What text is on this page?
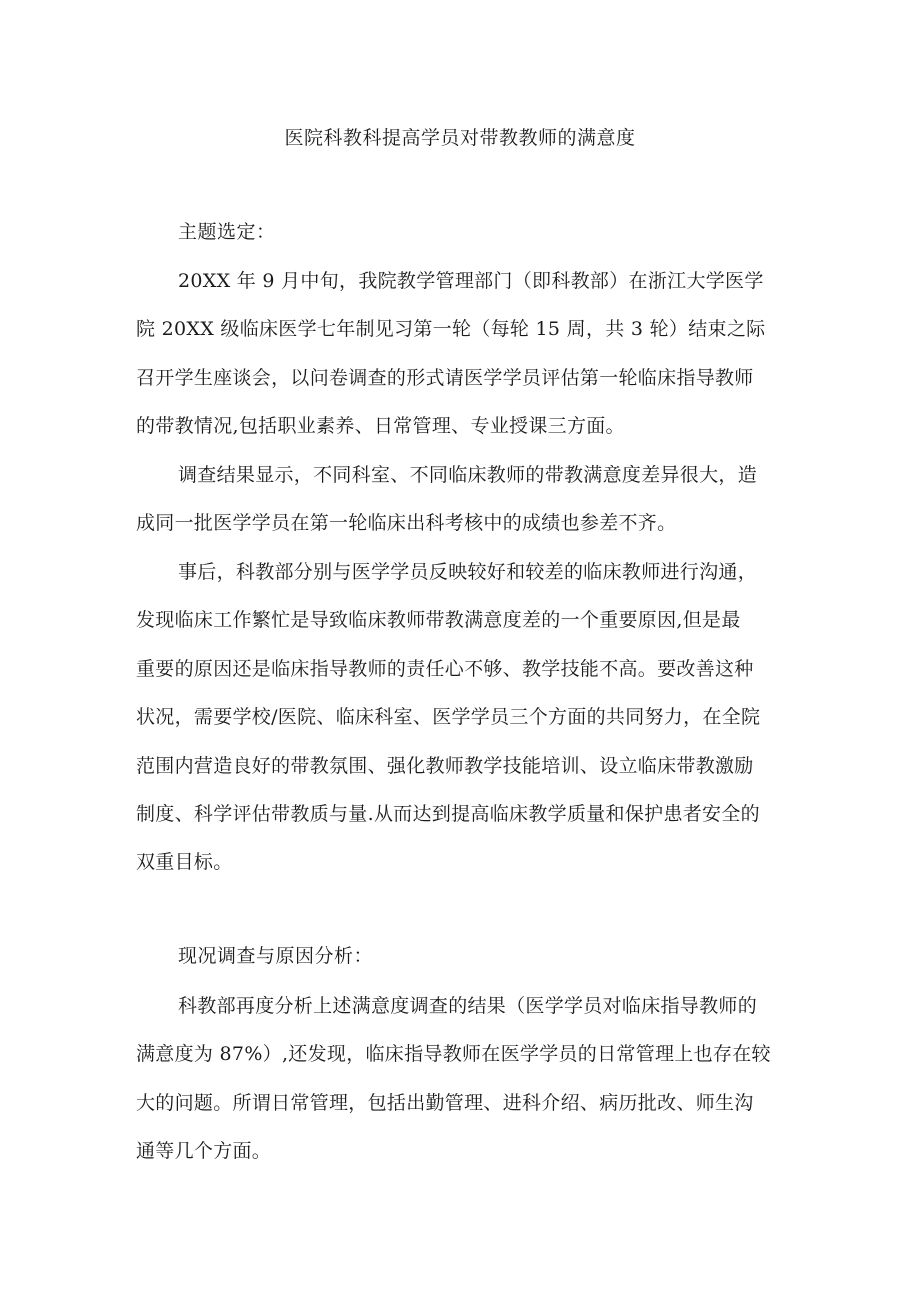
医院科教科提高学员对带教教师的满意度
主题选定：
20XX 年 9 月中旬，我院教学管理部门（即科教部）在浙江大学医学
院 20XX 级临床医学七年制见习第一轮（每轮 15 周，共 3 轮）结束之际
召开学生座谈会，以问卷调查的形式请医学学员评估第一轮临床指导教师
的带教情况,包括职业素养、日常管理、专业授课三方面。
调查结果显示，不同科室、不同临床教师的带教满意度差异很大，造
成同一批医学学员在第一轮临床出科考核中的成绩也参差不齐。
事后，科教部分别与医学学员反映较好和较差的临床教师进行沟通，
发现临床工作繁忙是导致临床教师带教满意度差的一个重要原因,但是最
重要的原因还是临床指导教师的责任心不够、教学技能不高。要改善这种
状况，需要学校/医院、临床科室、医学学员三个方面的共同努力，在全院
范围内营造良好的带教氛围、强化教师教学技能培训、设立临床带教激励
制度、科学评估带教质与量.从而达到提高临床教学质量和保护患者安全的
双重目标。
现况调查与原因分析：
科教部再度分析上述满意度调查的结果（医学学员对临床指导教师的
满意度为 87%）,还发现，临床指导教师在医学学员的日常管理上也存在较
大的问题。所谓日常管理，包括出勤管理、进科介绍、病历批改、师生沟
通等几个方面。
